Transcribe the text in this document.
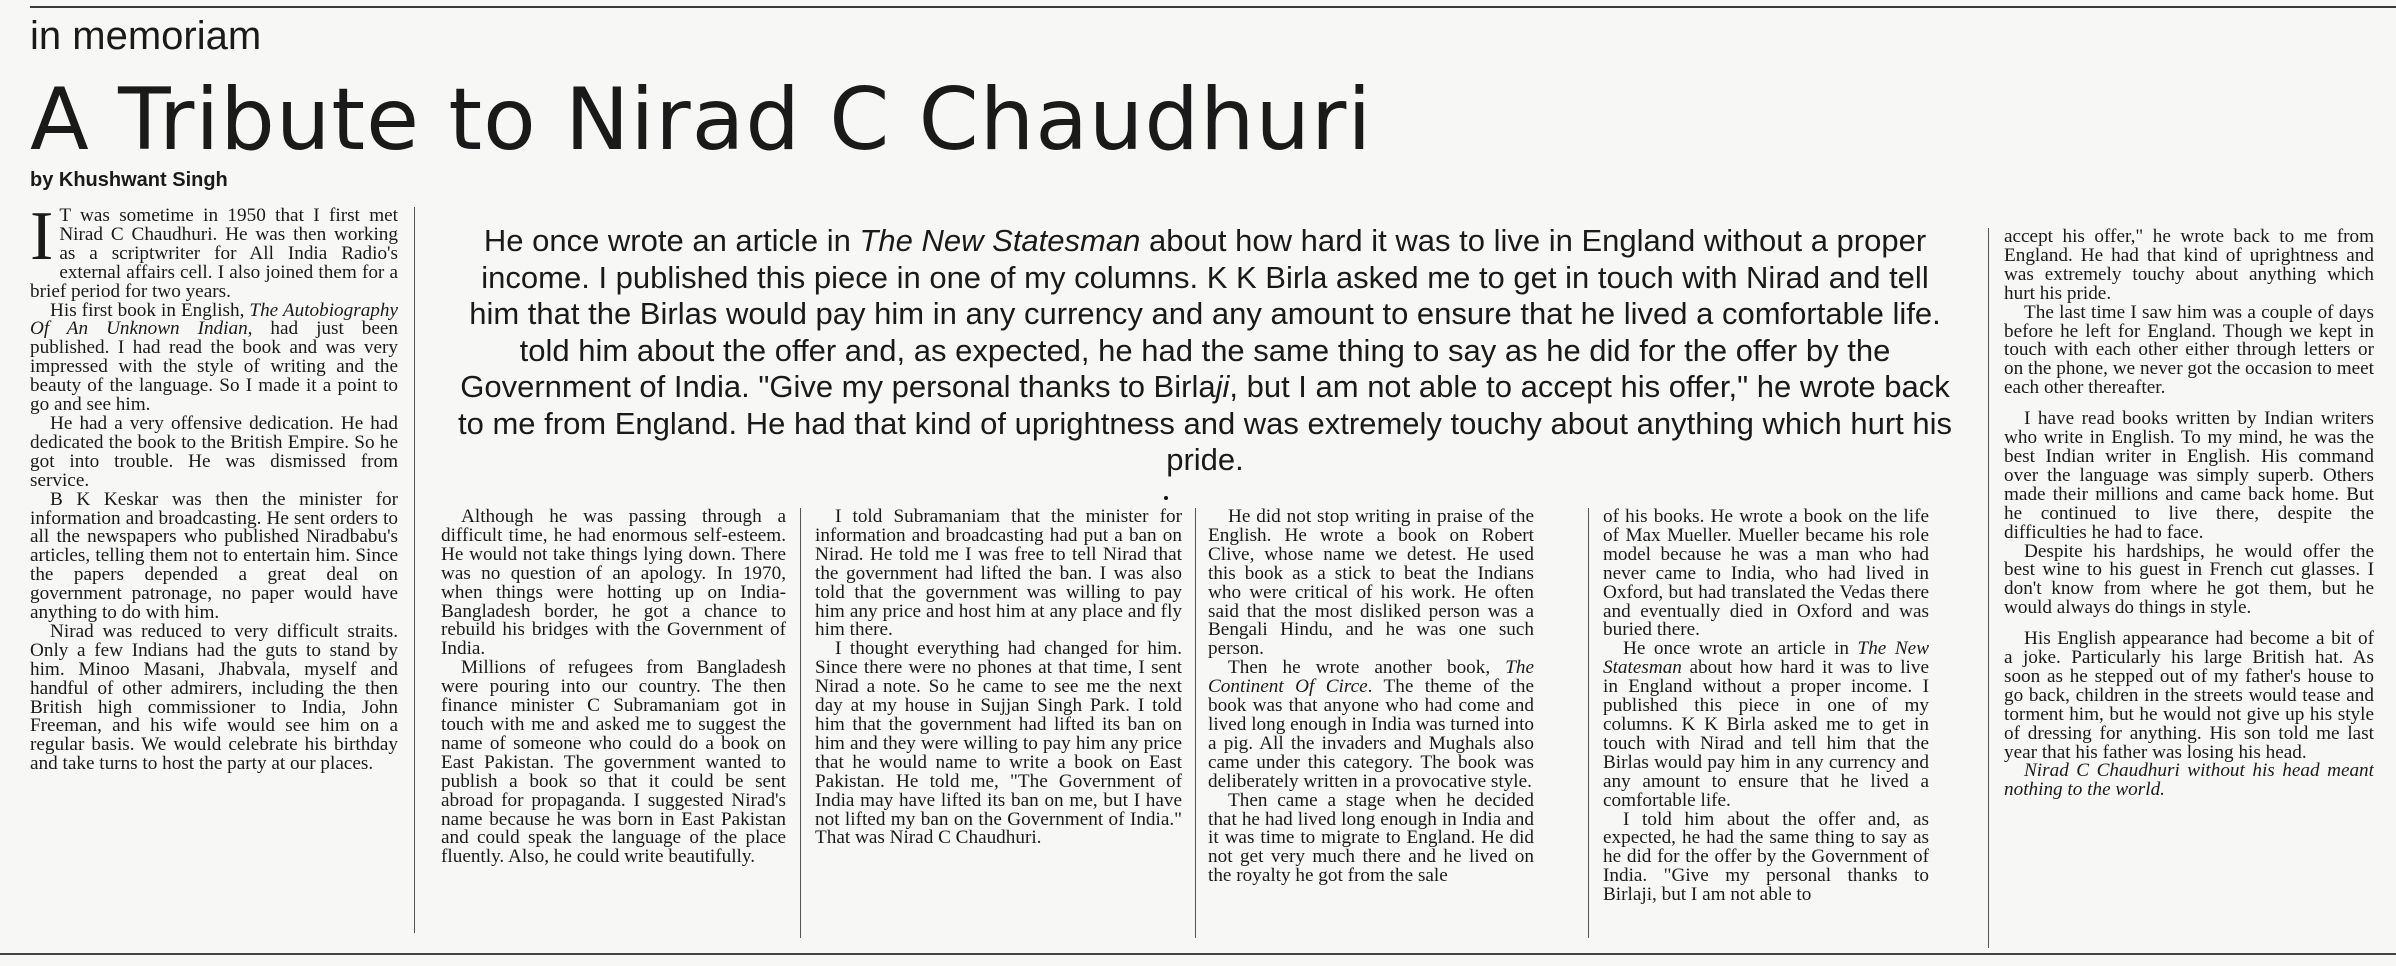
in memoriam
A Tribute to Nirad C Chaudhuri
by Khushwant Singh

I T was sometime in 1950 that I first met Nirad C Chaudhuri. He was then working as a scriptwriter for All India Radio's external affairs cell. I also joined them for a brief period for two years.

His first book in English, The Autobiography Of An Unknown Indian, had just been published. I had read the book and was very impressed with the style of writing and the beauty of the language. So I made it a point to go and see him.

He had a very offensive dedication. He had dedicated the book to the British Empire. So he got into trouble. He was dismissed from service.

B K Keskar was then the minister for information and broadcasting. He sent orders to all the newspapers who published Niradbabu's articles, telling them not to entertain him. Since the papers depended a great deal on government patronage, no paper would have anything to do with him.

Nirad was reduced to very difficult straits. Only a few Indians had the guts to stand by him. Minoo Masani, Jhabvala, myself and handful of other admirers, including the then British high commissioner to India, John Freeman, and his wife would see him on a regular basis. We would celebrate his birthday and take turns to host the party at our places.

He once wrote an article in The New Statesman about how hard it was to live in England without a proper income. I published this piece in one of my columns. K K Birla asked me to get in touch with Nirad and tell him that the Birlas would pay him in any currency and any amount to ensure that he lived a comfortable life. told him about the offer and, as expected, he had the same thing to say as he did for the offer by the Government of India. "Give my personal thanks to Birlaji, but I am not able to accept his offer," he wrote back to me from England. He had that kind of uprightness and was extremely touchy about anything which hurt his pride.

Although he was passing through a difficult time, he had enormous self-esteem. He would not take things lying down. There was no question of an apology. In 1970, when things were hotting up on India-Bangladesh border, he got a chance to rebuild his bridges with the Government of India.

Millions of refugees from Bangladesh were pouring into our country. The then finance minister C Subramaniam got in touch with me and asked me to suggest the name of someone who could do a book on East Pakistan. The government wanted to publish a book so that it could be sent abroad for propaganda. I suggested Nirad's name because he was born in East Pakistan and could speak the language of the place fluently. Also, he could write beautifully.

I told Subramaniam that the minister for information and broadcasting had put a ban on Nirad. He told me I was free to tell Nirad that the government had lifted the ban. I was also told that the government was willing to pay him any price and host him at any place and fly him there.

I thought everything had changed for him. Since there were no phones at that time, I sent Nirad a note. So he came to see me the next day at my house in Sujjan Singh Park. I told him that the government had lifted its ban on him and they were willing to pay him any price that he would name to write a book on East Pakistan. He told me, "The Government of India may have lifted its ban on me, but I have not lifted my ban on the Government of India." That was Nirad C Chaudhuri.

He did not stop writing in praise of the English. He wrote a book on Robert Clive, whose name we detest. He used this book as a stick to beat the Indians who were critical of his work. He often said that the most disliked person was a Bengali Hindu, and he was one such person.

Then he wrote another book, The Continent Of Circe. The theme of the book was that anyone who had come and lived long enough in India was turned into a pig. All the invaders and Mughals also came under this category. The book was deliberately written in a provocative style.

Then came a stage when he decided that he had lived long enough in India and it was time to migrate to England. He did not get very much there and he lived on the royalty he got from the sale

of his books. He wrote a book on the life of Max Mueller. Mueller became his role model because he was a man who had never came to India, who had lived in Oxford, but had translated the Vedas there and eventually died in Oxford and was buried there.

He once wrote an article in The New Statesman about how hard it was to live in England without a proper income. I published this piece in one of my columns. K K Birla asked me to get in touch with Nirad and tell him that the Birlas would pay him in any currency and any amount to ensure that he lived a comfortable life.

I told him about the offer and, as expected, he had the same thing to say as he did for the offer by the Government of India. "Give my personal thanks to Birlaji, but I am not able to

accept his offer," he wrote back to me from England. He had that kind of uprightness and was extremely touchy about anything which hurt his pride.

The last time I saw him was a couple of days before he left for England. Though we kept in touch with each other either through letters or on the phone, we never got the occasion to meet each other thereafter.

I have read books written by Indian writers who write in English. To my mind, he was the best Indian writer in English. His command over the language was simply superb. Others made their millions and came back home. But he continued to live there, despite the difficulties he had to face.

Despite his hardships, he would offer the best wine to his guest in French cut glasses. I don't know from where he got them, but he would always do things in style.

His English appearance had become a bit of a joke. Particularly his large British hat. As soon as he stepped out of my father's house to go back, children in the streets would tease and torment him, but he would not give up his style of dressing for anything. His son told me last year that his father was losing his head.

Nirad C Chaudhuri without his head meant nothing to the world.
